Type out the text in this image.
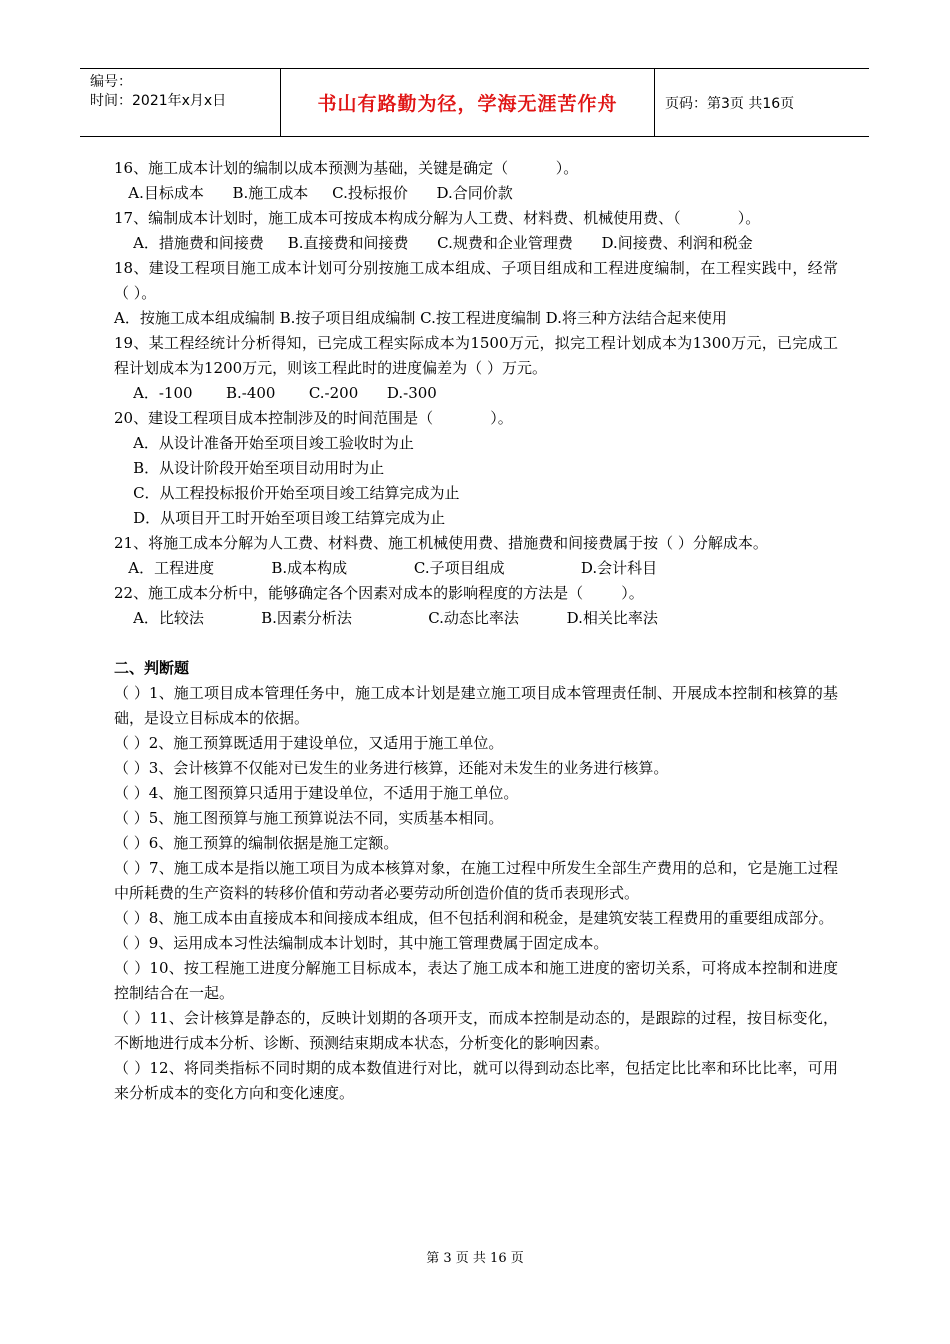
编号：
时间：2021年x月x日	书山有路勤为径，学海无涯苦作舟	页码：第3页 共16页
16、施工成本计划的编制以成本预测为基础，关键是确定（          ）。
A.目标成本      B.施工成本     C.投标报价      D.合同价款
17、编制成本计划时，施工成本可按成本构成分解为人工费、材料费、机械使用费、（            ）。
A．措施费和间接费     B.直接费和间接费      C.规费和企业管理费      D.间接费、利润和税金
18、建设工程项目施工成本计划可分别按施工成本组成、子项目组成和工程进度编制，在工程实践中，经常（ ）。
A．按施工成本组成编制 B.按子项目组成编制 C.按工程进度编制 D.将三种方法结合起来使用
19、某工程经统计分析得知，已完成工程实际成本为1500万元，拟完工程计划成本为1300万元，已完成工程计划成本为1200万元，则该工程此时的进度偏差为（ ）万元。
A．-100       B.-400       C.-200      D.-300
20、建设工程项目成本控制涉及的时间范围是（            ）。
A．从设计准备开始至项目竣工验收时为止
B．从设计阶段开始至项目动用时为止
C．从工程投标报价开始至项目竣工结算完成为止
D．从项目开工时开始至项目竣工结算完成为止
21、将施工成本分解为人工费、材料费、施工机械使用费、措施费和间接费属于按（ ）分解成本。
A．工程进度            B.成本构成              C.子项目组成                D.会计科目
22、施工成本分析中，能够确定各个因素对成本的影响程度的方法是（        ）。
A．比较法            B.因素分析法                C.动态比率法          D.相关比率法
二、判断题
（ ）1、施工项目成本管理任务中，施工成本计划是建立施工项目成本管理责任制、开展成本控制和核算的基础，是设立目标成本的依据。
（ ）2、施工预算既适用于建设单位，又适用于施工单位。
（ ）3、会计核算不仅能对已发生的业务进行核算，还能对未发生的业务进行核算。
（ ）4、施工图预算只适用于建设单位，不适用于施工单位。
（ ）5、施工图预算与施工预算说法不同，实质基本相同。
（ ）6、施工预算的编制依据是施工定额。
（ ）7、施工成本是指以施工项目为成本核算对象，在施工过程中所发生全部生产费用的总和，它是施工过程中所耗费的生产资料的转移价值和劳动者必要劳动所创造价值的货币表现形式。
（ ）8、施工成本由直接成本和间接成本组成，但不包括利润和税金，是建筑安装工程费用的重要组成部分。
（ ）9、运用成本习性法编制成本计划时，其中施工管理费属于固定成本。
（ ）10、按工程施工进度分解施工目标成本，表达了施工成本和施工进度的密切关系，可将成本控制和进度控制结合在一起。
（ ）11、会计核算是静态的，反映计划期的各项开支，而成本控制是动态的，是跟踪的过程，按目标变化，不断地进行成本分析、诊断、预测结束期成本状态，分析变化的影响因素。
（ ）12、将同类指标不同时期的成本数值进行对比，就可以得到动态比率，包括定比比率和环比比率，可用来分析成本的变化方向和变化速度。
第 3 页 共 16 页
